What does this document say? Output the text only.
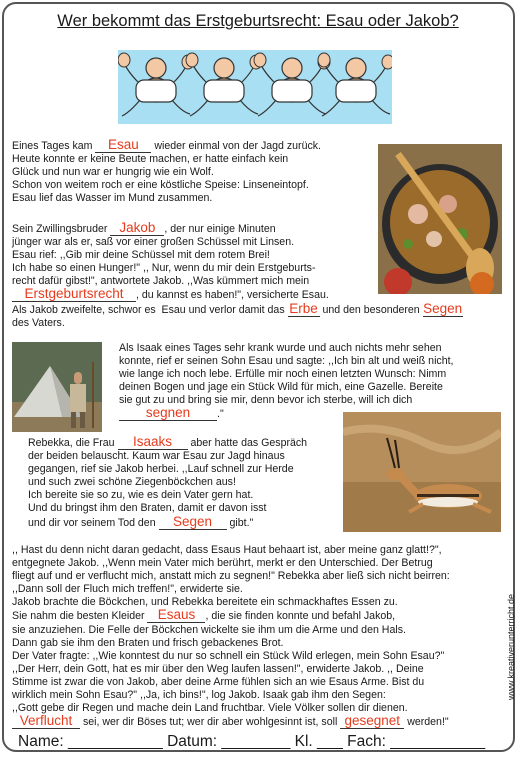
Wer bekommt das Erstgeburtsrecht: Esau oder Jakob?
Eines Tages kam Esau wieder einmal von der Jagd zurück.
Heute konnte er keine Beute machen, er hatte einfach kein
Glück und nun war er hungrig wie ein Wolf.
Schon von weitem roch er eine köstliche Speise: Linseneintopf.
Esau lief das Wasser im Mund zusammen.
Sein Zwillingsbruder Jakob , der nur einige Minuten
jünger war als er, saß vor einer großen Schüssel mit Linsen.
Esau rief: ,,Gib mir deine Schüssel mit dem rotem Brei!
Ich habe so einen Hunger!" ,, Nur, wenn du mir dein Erstgeburts-
recht dafür gibst!", antwortete Jakob. ,,Was kümmert mich mein
Erstgeburtsrecht , du kannst es haben!", versicherte Esau.
Als Jakob zweifelte, schwor es  Esau und verlor damit das Erbe und den besonderen Segen
des Vaters.
Als Isaak eines Tages sehr krank wurde und auch nichts mehr sehen
konnte, rief er seinen Sohn Esau und sagte: ,,Ich bin alt und weiß nicht,
wie lange ich noch lebe. Erfülle mir noch einen letzten Wunsch: Nimm
deinen Bogen und jage ein Stück Wild für mich, eine Gazelle. Bereite
sie gut zu und bring sie mir, denn bevor ich sterbe, will ich dich
segnen	."
Rebekka, die Frau Isaaks aber hatte das Gespräch
der beiden belauscht. Kaum war Esau zur Jagd hinaus
gegangen, rief sie Jakob herbei. ,,Lauf schnell zur Herde
und such zwei schöne Ziegenböckchen aus!
Ich bereite sie so zu, wie es dein Vater gern hat.
Und du bringst ihm den Braten, damit er davon isst
und dir vor seinem Tod den Segen gibt."
,, Hast du denn nicht daran gedacht, dass Esaus Haut behaart ist, aber meine ganz glatt!?",
entgegnete Jakob. ,,Wenn mein Vater mich berührt, merkt er den Unterschied. Der Betrug
fliegt auf und er verflucht mich, anstatt mich zu segnen!" Rebekka aber ließ sich nicht beirren:
,,Dann soll der Fluch mich treffen!", erwiderte sie.
Jakob brachte die Böckchen, und Rebekka bereitete ein schmackhaftes Essen zu.
Sie nahm die besten Kleider Esaus , die sie finden konnte und befahl Jakob,
sie anzuziehen. Die Felle der Böckchen wickelte sie ihm um die Arme und den Hals.
Dann gab sie ihm den Braten und frisch gebackenes Brot.
Der Vater fragte: ,,Wie konntest du nur so schnell ein Stück Wild erlegen, mein Sohn Esau?"
,,Der Herr, dein Gott, hat es mir über den Weg laufen lassen!", erwiderte Jakob. ,, Deine
Stimme ist zwar die von Jakob, aber deine Arme fühlen sich an wie Esaus Arme. Bist du
wirklich mein Sohn Esau?" ,,Ja, ich bins!", log Jakob. Isaak gab ihm den Segen:
,,Gott gebe dir Regen und mache dein Land fruchtbar. Viele Völker sollen dir dienen.
Verflucht sei, wer dir Böses tut; wer dir aber wohlgesinnt ist, soll gesegnet werden!"
Name: ___________ Datum: ________ Kl. ___ Fach: ___________
www.kreativerunterricht.de
